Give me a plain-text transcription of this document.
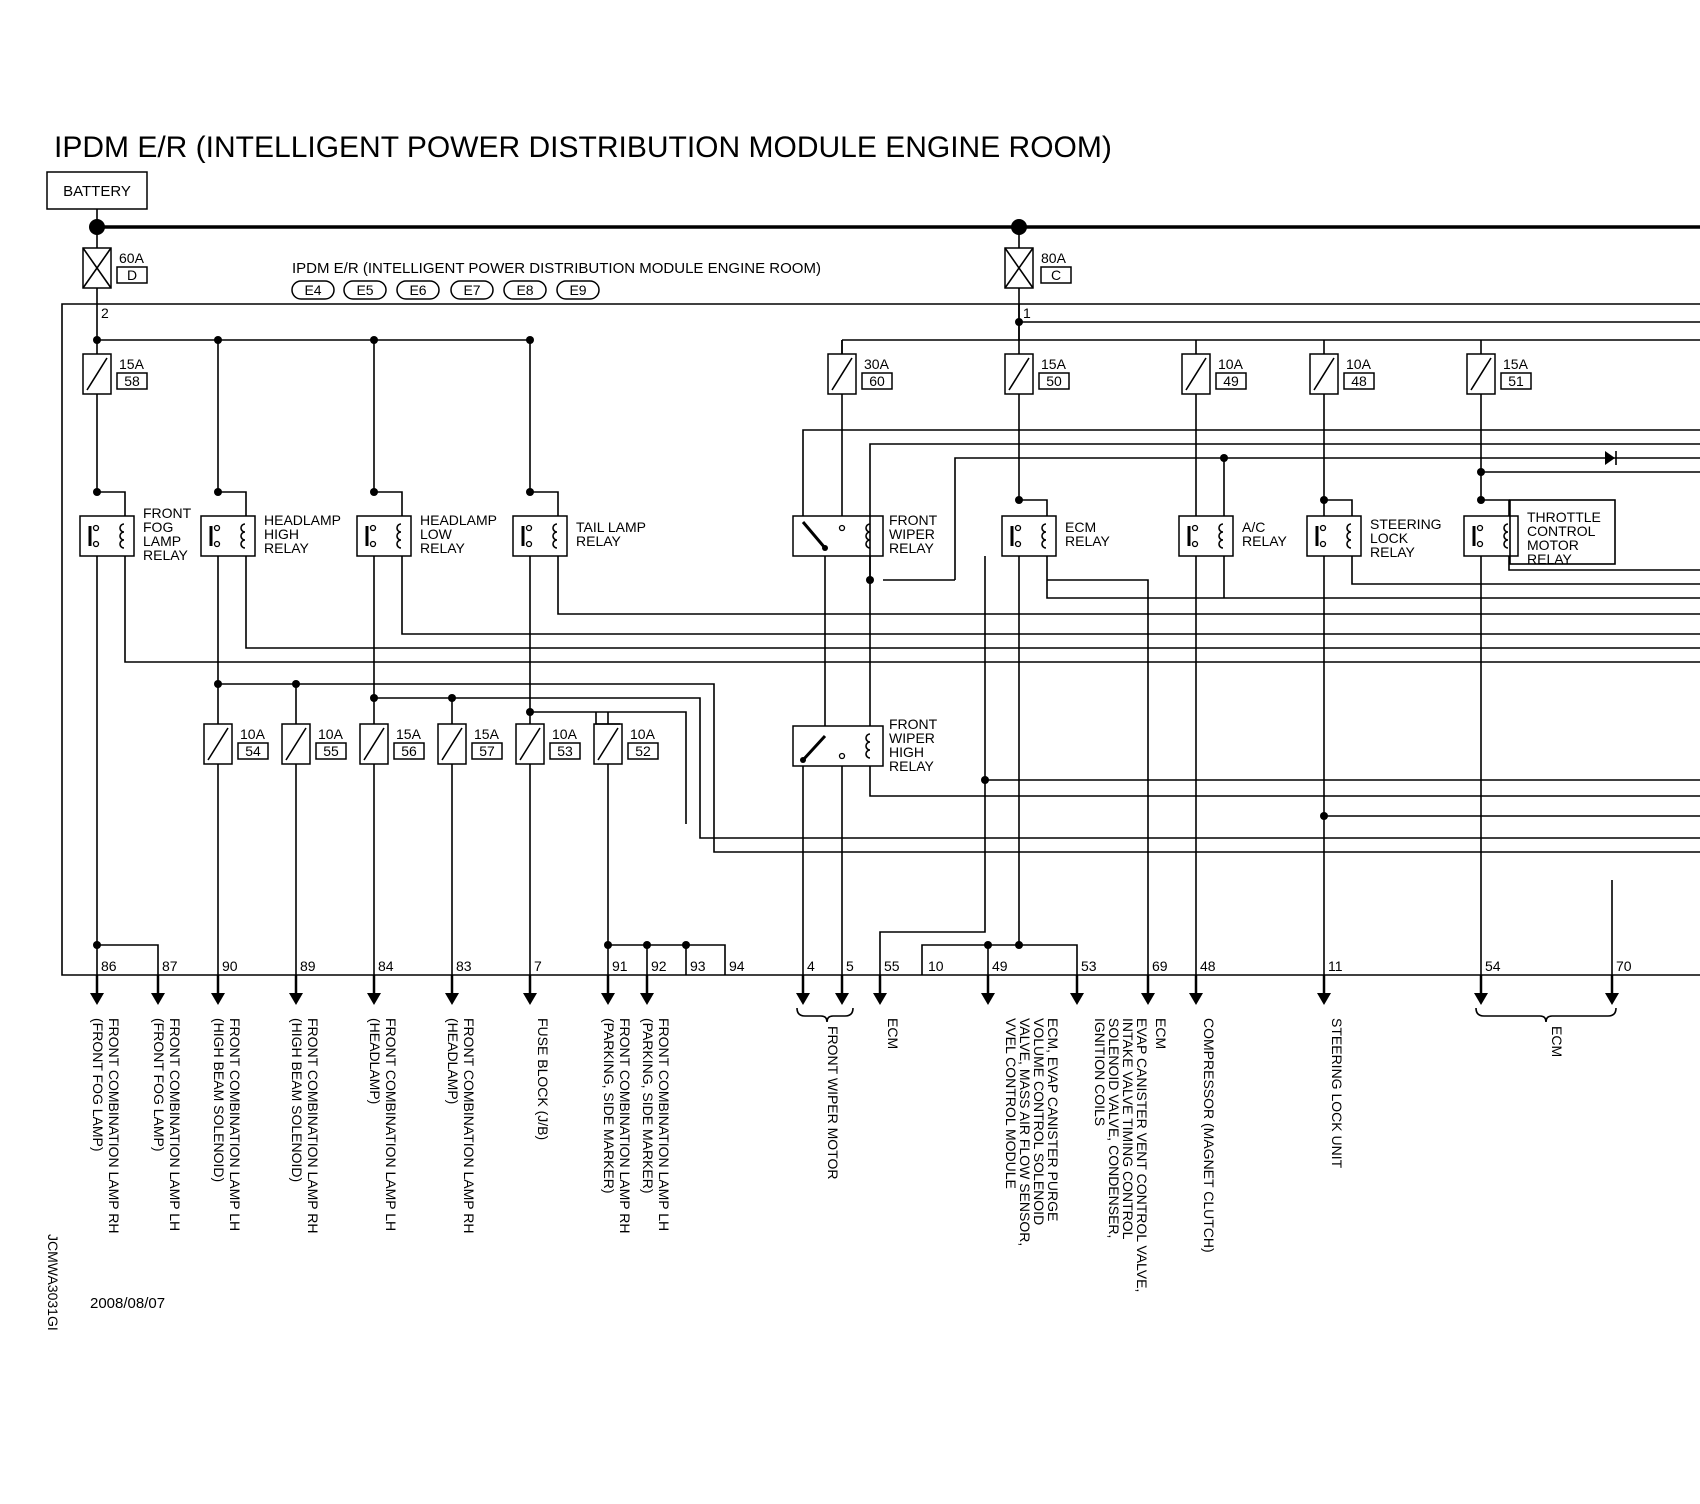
IPDM E/R (INTELLIGENT POWER DISTRIBUTION MODULE ENGINE ROOM)
BATTERY
60A
D
2
80A
C
1
IPDM E/R (INTELLIGENT POWER DISTRIBUTION MODULE ENGINE ROOM)
E4 E5	E6	E7	E8	E9
15A
58
30A
60
15A
50
10A
49
10A
48
15A
51
FRONT
FOG
LAMP
RELAY
HEADLAMP
HIGH
RELAY
HEADLAMP
LOW
RELAY
TAIL LAMP
RELAY
FRONT
WIPER
RELAY
ECM
RELAY
A/C
RELAY
STEERING
LOCK
RELAY
THROTTLE
CONTROL
MOTOR
RELAY
FRONT
WIPER
HIGH
RELAY
10A
54
10A
55
15A
56
15A
57
10A
53
10A
52
86	87	90	89	84	83	7	91 92 93 94	4 5 55 10	49	53	69 48	11	54	70
FRONT COMBINATION LAMP RH
(FRONT FOG LAMP)	FRONT COMBINATION LAMP LH
(FRONT FOG LAMP)	FRONT COMBINATION LAMP LH
(HIGH BEAM SOLENOID)	FRONT COMBINATION LAMP RH
(HIGH BEAM SOLENOID)	FRONT COMBINATION LAMP LH
(HEADLAMP)	FRONT COMBINATION LAMP RH
(HEADLAMP)	FUSE BLOCK (J/B)	FRONT COMBINATION LAMP RH
(PARKING, SIDE MARKER)	FRONT COMBINATION LAMP LH
(PARKING, SIDE MARKER)	FRONT WIPER MOTOR	ECM	ECM, EVAP CANISTER PURGE
VOLUME CONTROL SOLENOID
VALVE, MASS AIR FLOW SENSOR,
VVEL CONTROL MODULE	EVAP CANISTER VENT CONTROL VALVE,
INTAKE VALVE TIMING CONTROL
SOLENOID VALVE, CONDENSER,
IGNITION COILS	ECM COMPRESSOR (MAGNET CLUTCH)	STEERING LOCK UNIT	ECM
JCMWA3031GI 2008/08/07
